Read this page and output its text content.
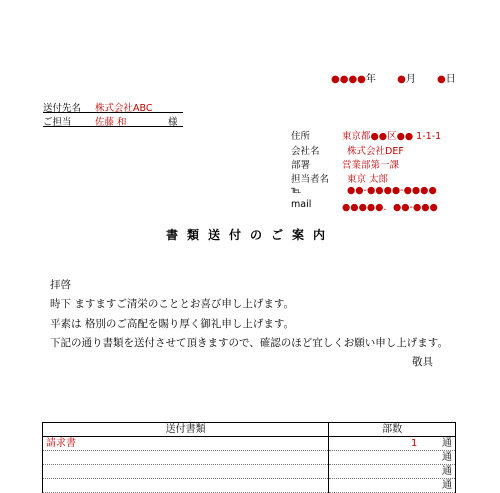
●●●●年 ●月 ●日
送付先名 株式会社ABC
ご担当 佐藤 和	様
住所	東京都●●区●● 1-1-1
会社名	株式会社DEF
部署	営業部第一課
担当者名 東京 太郎
℡	●●-●●●●-●●●●
mail	●●●●●．●●-●●●
書類送付のご案内
拝啓
時下 ますますご清栄のこととお喜び申し上げます。
平素は 格別のご高配を賜り厚く御礼申し上げます。
下記の通り書類を送付させて頂きますので、確認のほど宜しくお願い申し上げます。
敬具
送付書類	部数
請求書	1 通

	通

	通

	通
